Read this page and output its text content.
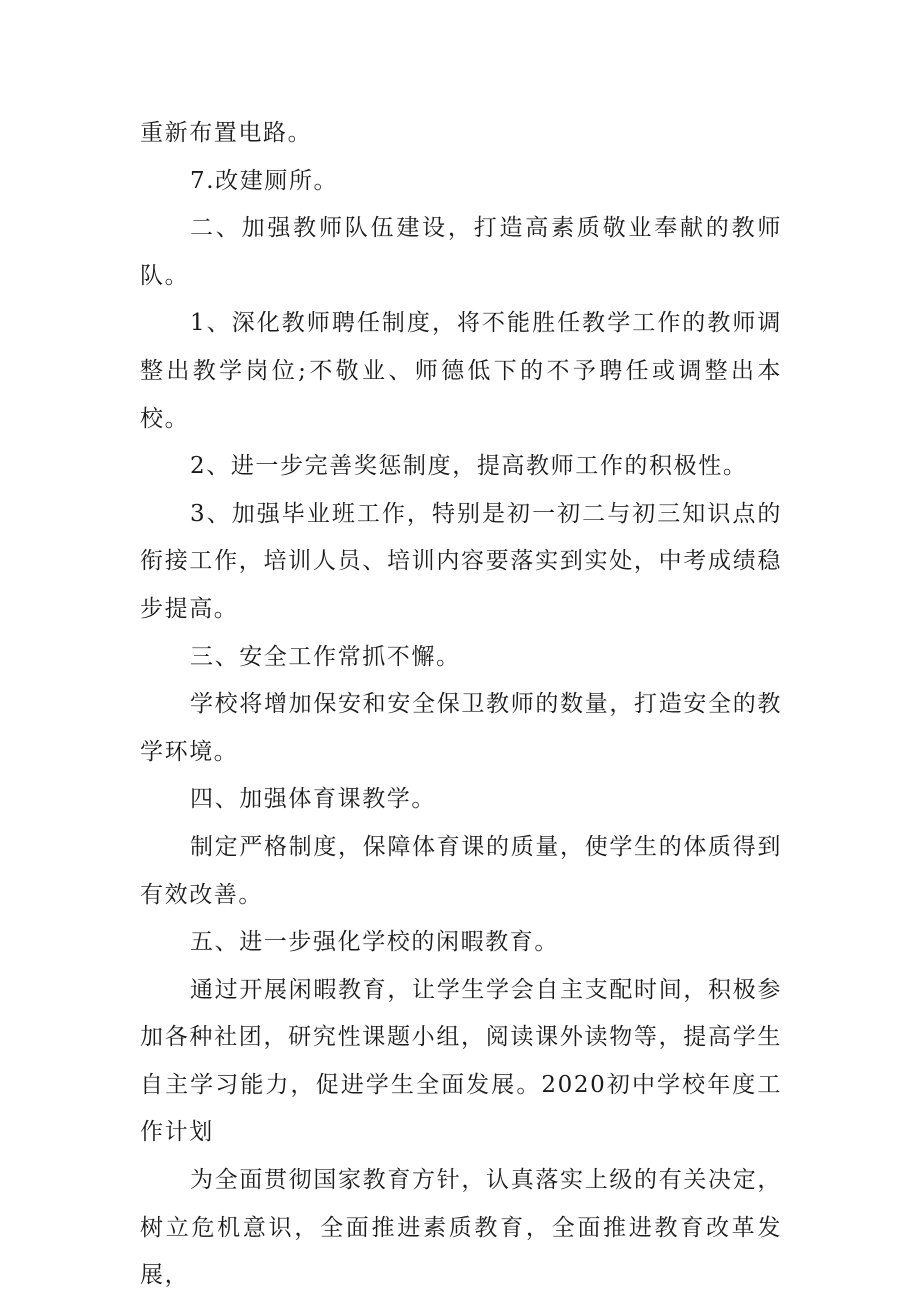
重新布置电路。

7.改建厕所。

二、加强教师队伍建设，打造高素质敬业奉献的教师队。

1、深化教师聘任制度，将不能胜任教学工作的教师调整出教学岗位;不敬业、师德低下的不予聘任或调整出本校。

2、进一步完善奖惩制度，提高教师工作的积极性。

3、加强毕业班工作，特别是初一初二与初三知识点的衔接工作，培训人员、培训内容要落实到实处，中考成绩稳步提高。

三、安全工作常抓不懈。

学校将增加保安和安全保卫教师的数量，打造安全的教学环境。

四、加强体育课教学。

制定严格制度，保障体育课的质量，使学生的体质得到有效改善。

五、进一步强化学校的闲暇教育。

通过开展闲暇教育，让学生学会自主支配时间，积极参加各种社团，研究性课题小组，阅读课外读物等，提高学生自主学习能力，促进学生全面发展。2020初中学校年度工作计划

为全面贯彻国家教育方针，认真落实上级的有关决定，树立危机意识，全面推进素质教育，全面推进教育改革发展，
